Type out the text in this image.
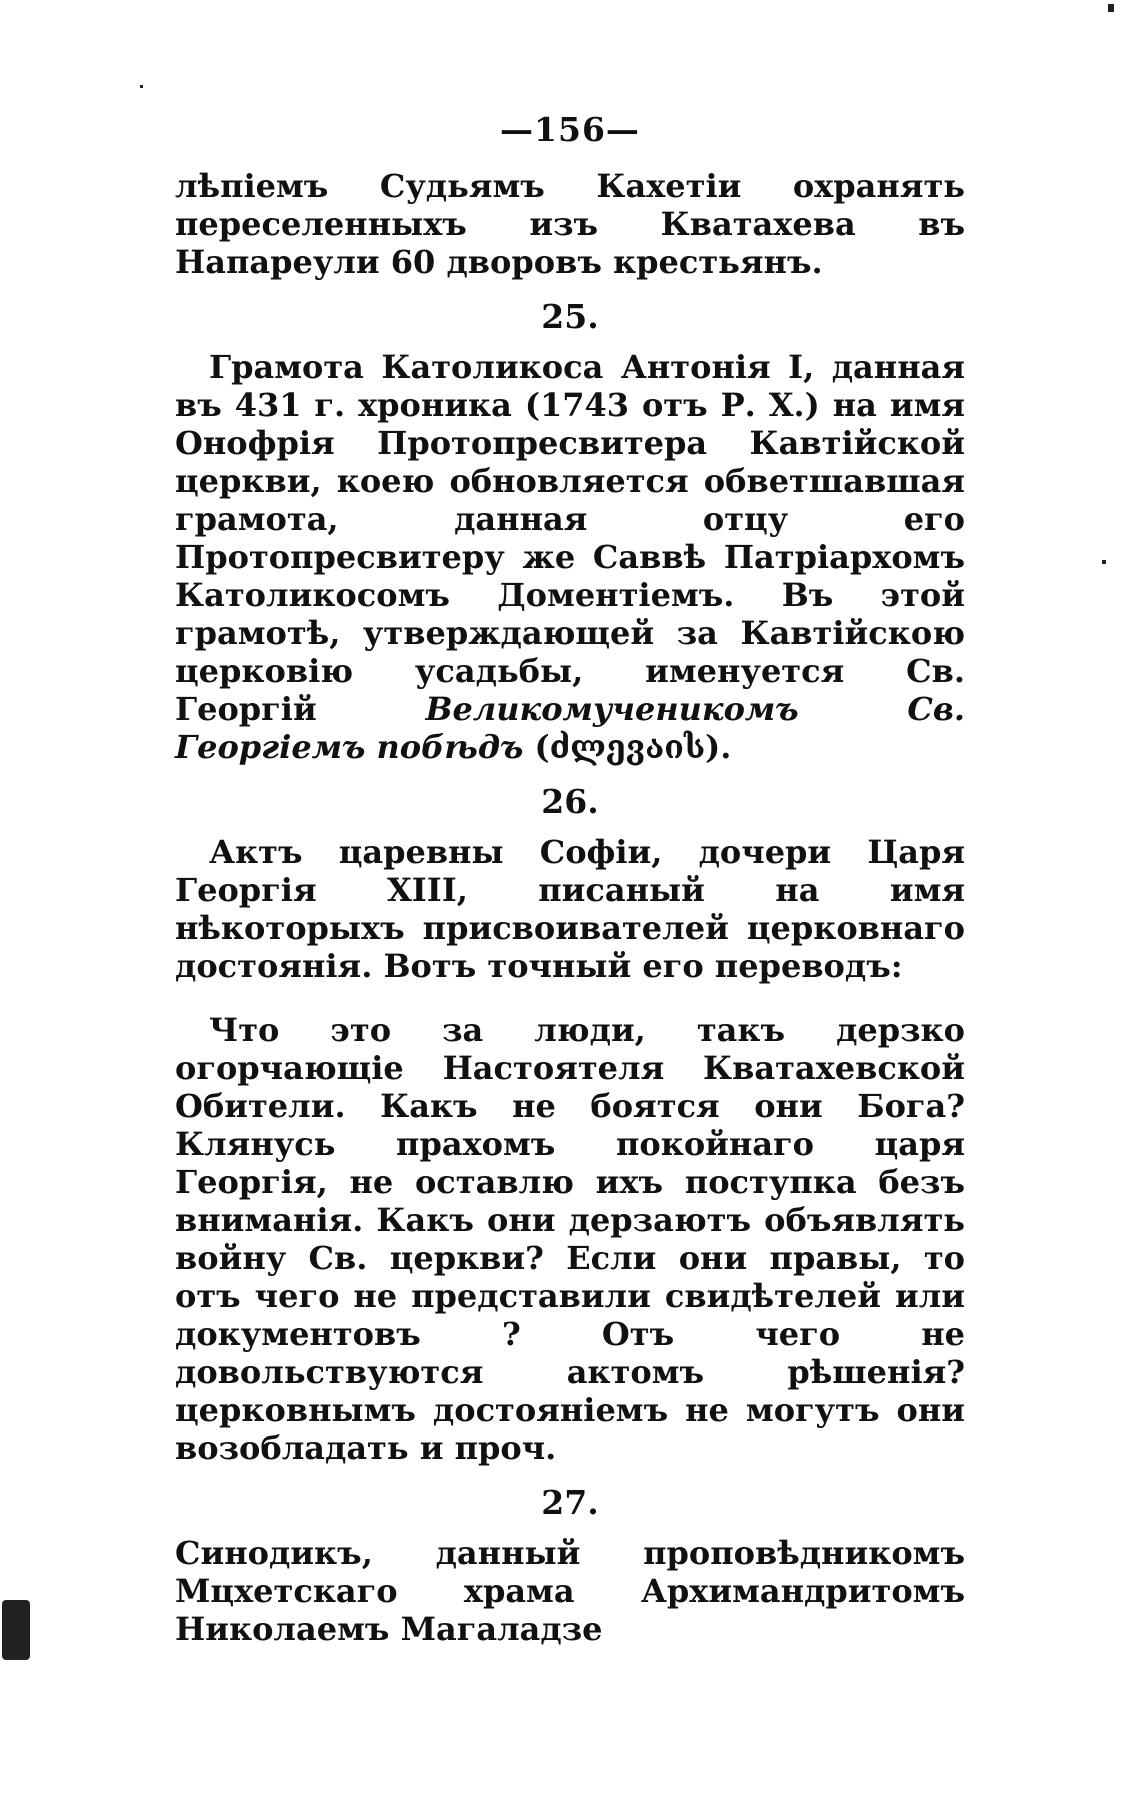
—156—

лѣпіемъ Судьямъ Кахетіи охранять переселенныхъ изъ Кватахева въ Напареули 60 дворовъ крестьянъ.

25.

Грамота Католикоса Антонія I, данная въ 431 г. хроника (1743 отъ Р. Х.) на имя Онофрія Протопресвитера Кавтійской церкви, коею обновляется обветшавшая грамота, данная отцу его Протопресвитеру же Саввѣ Патріархомъ Католикосомъ Доментіемъ. Въ этой грамотѣ, утверждающей за Кавтійскою церковію усадьбы, именуется Св. Георгій	Великомученикомъ Св. Георгіемъ побѣдъ (ძლევაის).

26.

Актъ царевны Софіи, дочери Царя Георгія XIII, писаный на имя нѣкоторыхъ присвоивателей церковнаго достоянія. Вотъ точный его переводъ:

Что это за люди, такъ дерзко огорчающіе Настоятеля Кватахевской Обители. Какъ не боятся они Бога? Клянусь прахомъ покойнаго царя Георгія, не оставлю ихъ поступка безъ вниманія. Какъ они дерзаютъ объявлять войну Св. церкви? Если они правы, то отъ чего не представили свидѣтелей или документовъ ? Отъ чего не довольствуются актомъ рѣшенія? церковнымъ достояніемъ не могутъ они возобладать и проч.

27.

Синодикъ, данный проповѣдникомъ Мцхетскаго храма Архимандритомъ Николаемъ Магаладзе
